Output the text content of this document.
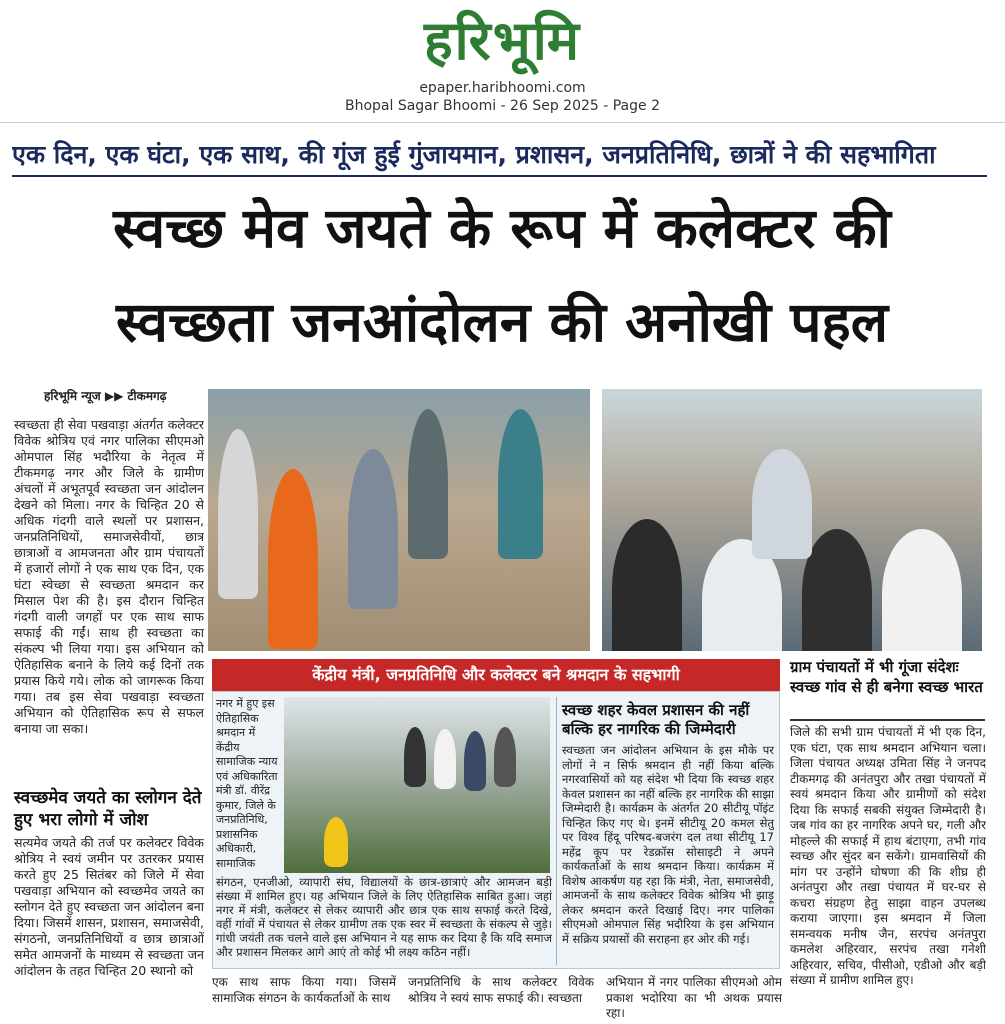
हरिभूमि
epaper.haribhoomi.com
Bhopal Sagar Bhoomi - 26 Sep 2025 - Page 2
एक दिन, एक घंटा, एक साथ, की गूंज हुई गुंजायमान, प्रशासन, जनप्रतिनिधि, छात्रों ने की सहभागिता
स्वच्छ मेव जयते के रूप में कलेक्टर की
स्वच्छता जनआंदोलन की अनोखी पहल
हरिभूमि न्यूज ▶▶ टीकमगढ़
स्वच्छता ही सेवा पखवाड़ा अंतर्गत कलेक्टर विवेक श्रोत्रिय एवं नगर पालिका सीएमओ ओमपाल सिंह भदौरिया के नेतृत्व में टीकमगढ़ नगर और जिले के ग्रामीण अंचलों में अभूतपूर्व स्वच्छता जन आंदोलन देखने को मिला। नगर के चिन्हित 20 से अधिक गंदगी वाले स्थलों पर प्रशासन, जनप्रतिनिधियों, समाजसेवीयों, छात्र छात्राओं व आमजनता और ग्राम पंचायतों में हजारों लोगों ने एक साथ एक दिन, एक घंटा स्वेच्छा से स्वच्छता श्रमदान कर मिसाल पेश की है। इस दौरान चिन्हित गंदगी वाली जगहों पर एक साथ साफ सफाई की गईं। साथ ही स्वच्छता का संकल्प भी लिया गया। इस अभियान को ऐतिहासिक बनाने के लिये कई दिनों तक प्रयास किये गये। लोक को जागरूक किया गया। तब इस सेवा पखवाड़ा स्वच्छता अभियान को ऐतिहासिक रूप से सफल बनाया जा सका।
स्वच्छमेव जयते का स्लोगन देते हुए भरा लोगो में जोश
सत्यमेव जयते की तर्ज पर कलेक्टर विवेक श्रोत्रिय ने स्वयं जमीन पर उतरकर प्रयास करते हुए 25 सितंबर को जिले में सेवा पखवाड़ा अभियान को स्वच्छमेव जयते का स्लोगन देते हुए स्वच्छता जन आंदोलन बना दिया। जिसमें शासन, प्रशासन, समाजसेवी, संगठनो, जनप्रतिनिधियों व छात्र छात्राओं समेत आमजनों के माध्यम से स्वच्छता जन आंदोलन के तहत चिन्हित 20 स्थानो को
केंद्रीय मंत्री, जनप्रतिनिधि और कलेक्टर बने श्रमदान के सहभागी
नगर में हुए इस ऐतिहासिक श्रमदान में केंद्रीय सामाजिक न्याय एवं अधिकारिता मंत्री डॉ. वीरेंद्र कुमार, जिले के जनप्रतिनिधि, प्रशासनिक अधिकारी, सामाजिक
संगठन, एनजीओ, व्यापारी संघ, विद्यालयों के छात्र-छात्राएं और आमजन बड़ी संख्या में शामिल हुए। यह अभियान जिले के लिए ऐतिहासिक साबित हुआ। जहां नगर में मंत्री, कलेक्टर से लेकर व्यापारी और छात्र एक साथ सफाई करते दिखे, वहीं गांवों में पंचायत से लेकर ग्रामीण तक एक स्वर में स्वच्छता के संकल्प से जुड़े। गांधी जयंती तक चलने वाले इस अभियान ने यह साफ कर दिया है कि यदि समाज और प्रशासन मिलकर आगे आएं तो कोई भी लक्ष्य कठिन नहीं।
स्वच्छ शहर केवल प्रशासन की नहीं बल्कि हर नागरिक की जिम्मेदारी
स्वच्छता जन आंदोलन अभियान के इस मौके पर लोगों ने न सिर्फ श्रमदान ही नहीं किया बल्कि नगरवासियों को यह संदेश भी दिया कि स्वच्छ शहर केवल प्रशासन का नहीं बल्कि हर नागरिक की साझा जिम्मेदारी है। कार्यक्रम के अंतर्गत 20 सीटीयू पॉइंट चिन्हित किए गए थे। इनमें सीटीयू 20 कमल सेतु पर विश्व हिंदू परिषद-बजरंग दल तथा सीटीयू 17 महेंद्र कूप पर रेडक्रॉस सोसाइटी ने अपने कार्यकर्ताओं के साथ श्रमदान किया। कार्यक्रम में विशेष आकर्षण यह रहा कि मंत्री, नेता, समाजसेवी, आमजनों के साथ कलेक्टर विवेक श्रोत्रिय भी झाड़ू लेकर श्रमदान करते दिखाई दिए। नगर पालिका सीएमओ ओमपाल सिंह भदौरिया के इस अभियान में सक्रिय प्रयासों की सराहना हर ओर की गई।
ग्राम पंचायतों में भी गूंजा संदेशः स्वच्छ गांव से ही बनेगा स्वच्छ भारत
जिले की सभी ग्राम पंचायतों में भी एक दिन, एक घंटा, एक साथ श्रमदान अभियान चला। जिला पंचायत अध्यक्ष उमिता सिंह ने जनपद टीकमगढ़ की अनंतपुरा और तखा पंचायतों में स्वयं श्रमदान किया और ग्रामीणों को संदेश दिया कि सफाई सबकी संयुक्त जिम्मेदारी है। जब गांव का हर नागरिक अपने घर, गली और मोहल्ले की सफाई में हाथ बंटाएगा, तभी गांव स्वच्छ और सुंदर बन सकेंगे। ग्रामवासियों की मांग पर उन्होंने घोषणा की कि शीघ्र ही अनंतपुरा और तखा पंचायत में घर-घर से कचरा संग्रहण हेतु साझा वाहन उपलब्ध कराया जाएगा। इस श्रमदान में जिला समन्वयक मनीष जैन, सरपंच अनंतपुरा कमलेश अहिरवार, सरपंच तखा गनेशी अहिरवार, सचिव, पीसीओ, एडीओ और बड़ी संख्या में ग्रामीण शामिल हुए।
एक साथ साफ किया गया। जिसमें सामाजिक संगठन के कार्यकर्ताओं के साथ
जनप्रतिनिधि के साथ कलेक्टर विवेक श्रोत्रिय ने स्वयं साफ सफाई की। स्वच्छता
अभियान में नगर पालिका सीएमओ ओम प्रकाश भदोरिया का भी अथक प्रयास रहा।
